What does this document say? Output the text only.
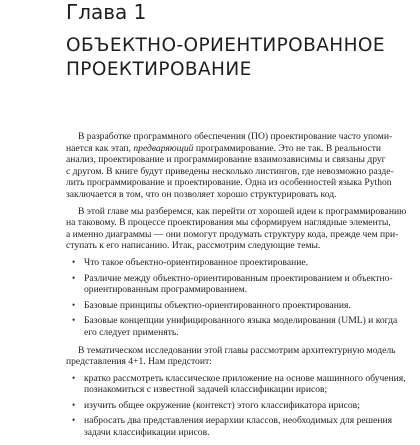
Глава 1
ОБЪЕКТНО-ОРИЕНТИРОВАННОЕ
ПРОЕКТИРОВАНИЕ

В разработке программного обеспечения (ПО) проектирование часто упоми-
нается как этап, предваряющий программирование. Это не так. В реальности
анализ, проектирование и программирование взаимозависимы и связаны друг
с другом. В книге будут приведены несколько листингов, где невозможно разде-
лить программирование и проектирование. Одна из особенностей языка Python
заключается в том, что он позволяет хорошо структурировать код.

В этой главе мы разберемся, как перейти от хорошей идеи к программированию
на таковому. В процессе проектирования мы сформируем наглядные элементы,
а именно диаграммы — они помогут продумать структуру кода, прежде чем при-
ступать к его написанию. Итак, рассмотрим следующие темы.

• Что такое объектно-ориентированное проектирование.
• Различие между объектно-ориентированным проектированием и объектно-
ориентированным программированием.
• Базовые принципы объектно-ориентированного проектирования.
• Базовые концепции унифицированного языка моделирования (UML) и когда
его следует применять.

В тематическом исследовании этой главы рассмотрим архитектурную модель
представления 4+1. Нам предстоит:

• кратко рассмотреть классическое приложение на основе машинного обучения,
познакомиться с известной задачей классификации ирисов;
• изучить общее окружение (контекст) этого классификатора ирисов;
• набросать два представления иерархии классов, необходимых для решения
задачи классификации ирисов.
